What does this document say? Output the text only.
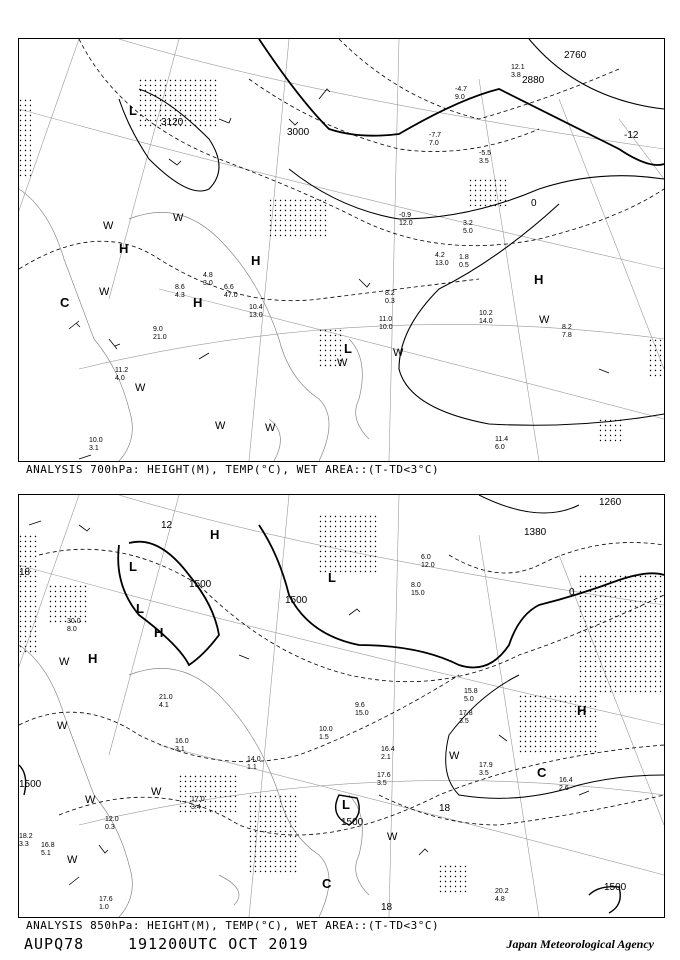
3120
3000
2880
2760
-12
0
L
H
H
H
H
L
C
W
W
W
W
W	W
W
W
W
10.2
14.0
8.2
7.8
11.4
6.0
11.2
4.0
10.0
3.1
8.6
4.3
9.0
21.0
4.8
3.0
6.6
47.0
10.4
13.0
8.2
0.3
11.0
10.0
4.2
13.0
1.8
0.5
-4.7
9.0
-7.7
7.0
-5.5
3.5
-0.9
12.0	3.2
5.0
12.1
3.8
ANALYSIS 700hPa: HEIGHT(M), TEMP(°C), WET AREA::(T-TD<3°C)
1500
1500
1500
1500
1500
1380
1260
12
18
18
18
0
L
L
H
H
H
L
H
L
C
C
W
W
W
W
W
W
W
17.9
3.5
16.4
2.6
20.2
4.8
17.8
3.5
17.6
3.5
16.4
2.1
15.8
5.0
10.0
1.5
9.6
15.0
14.0
1.1
21.0
4.1
16.0
3.1
17.0
3.4
12.0
0.3
17.6
1.0
18.2
3.3 16.8
5.1
30.0
8.0
8.0
15.0
6.0
12.0
ANALYSIS 850hPa: HEIGHT(M), TEMP(°C), WET AREA::(T-TD<3°C)
AUPQ78	191200UTC OCT 2019	Japan Meteorological Agency
